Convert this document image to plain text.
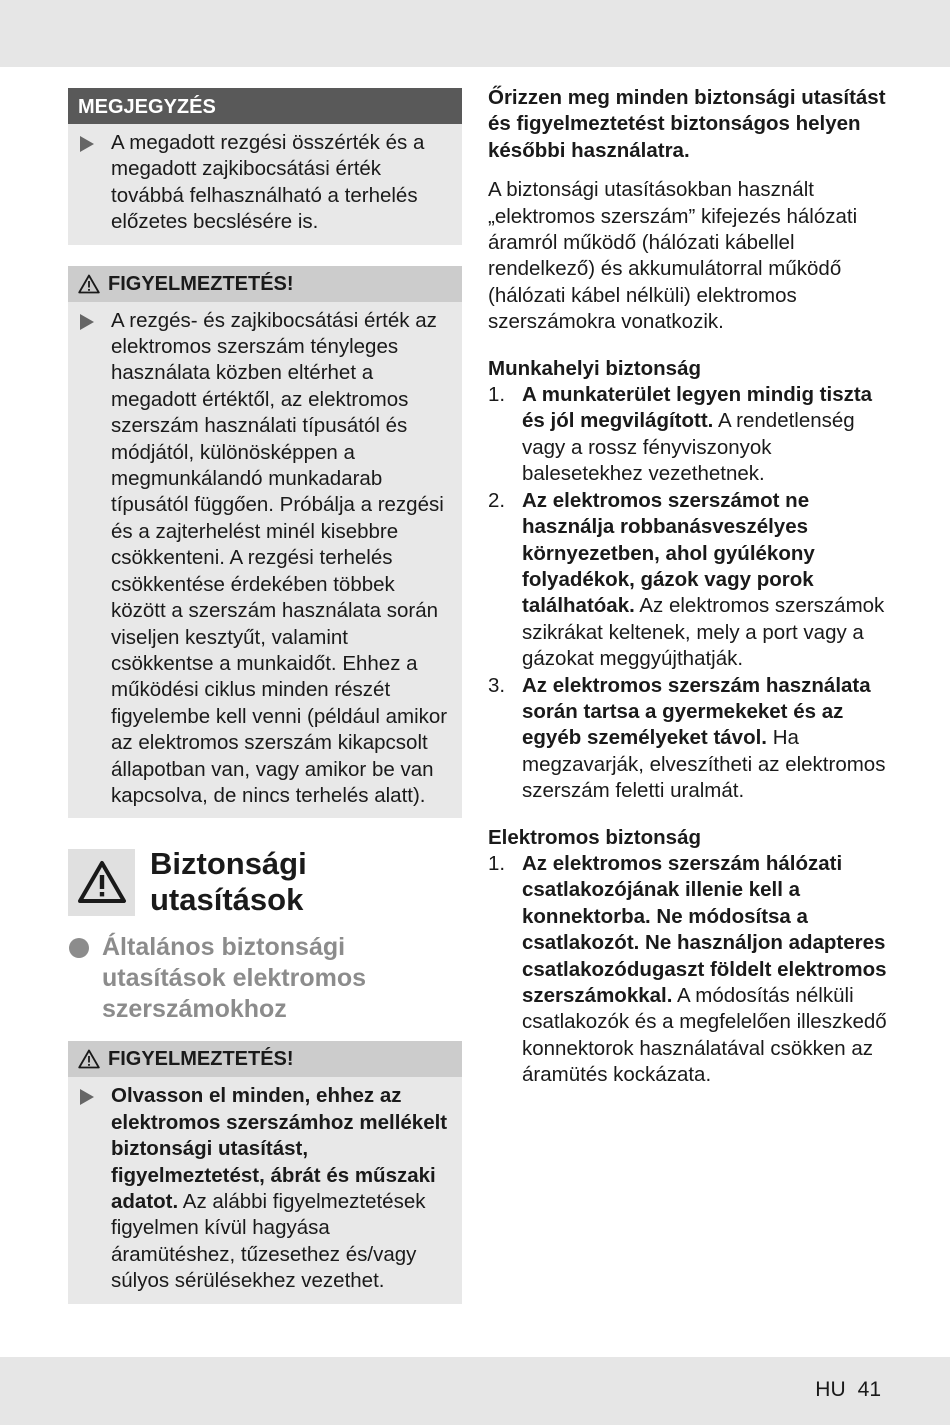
MEGJEGYZÉS
A megadott rezgési összérték és a megadott zajkibocsátási érték továbbá felhasználható a terhelés előzetes becslésére is.
FIGYELMEZTETÉS!
A rezgés- és zajkibocsátási érték az elektromos szerszám tényleges használata közben eltérhet a megadott értéktől, az elektromos szerszám használati típusától és módjától, különösképpen a megmunkálandó munkadarab típusától függően. Próbálja a rezgési és a zajterhelést minél kisebbre csökkenteni. A rezgési terhelés csökkentése érdekében többek között a szerszám használata során viseljen kesztyűt, valamint csökkentse a munkaidőt. Ehhez a működési ciklus minden részét figyelembe kell venni (például amikor az elektromos szerszám kikapcsolt állapotban van, vagy amikor be van kapcsolva, de nincs terhelés alatt).
Biztonsági
utasítások
Általános biztonsági utasítások elektromos szerszámokhoz
FIGYELMEZTETÉS!
Olvasson el minden, ehhez az elektromos szerszámhoz mellékelt biztonsági utasítást, figyelmeztetést, ábrát és műszaki adatot. Az alábbi figyelmeztetések figyelmen kívül hagyása áramütéshez, tűzesethez és/vagy súlyos sérülésekhez vezethet.

Őrizzen meg minden biztonsági utasítást és figyelmeztetést biztonságos helyen későbbi használatra.

A biztonsági utasításokban használt „elektromos szerszám” kifejezés hálózati áramról működő (hálózati kábellel rendelkező) és akkumulátorral működő (hálózati kábel nélküli) elektromos szerszámokra vonatkozik.

Munkahelyi biztonság

1. A munkaterület legyen mindig tiszta és jól megvilágított. A rendetlenség vagy a rossz fényviszonyok balesetekhez vezethetnek.
2. Az elektromos szerszámot ne használja robbanásveszélyes környezetben, ahol gyúlékony folyadékok, gázok vagy porok találhatóak. Az elektromos szerszámok szikrákat keltenek, mely a port vagy a gázokat meggyújthatják.
3. Az elektromos szerszám használata során tartsa a gyermekeket és az egyéb személyeket távol. Ha megzavarják, elveszítheti az elektromos szerszám feletti uralmát.

Elektromos biztonság

1. Az elektromos szerszám hálózati csatlakozójának illenie kell a konnektorba. Ne módosítsa a csatlakozót. Ne használjon adapteres csatlakozódugaszt földelt elektromos szerszámokkal. A módosítás nélküli csatlakozók és a megfelelően illeszkedő konnektorok használatával csökken az áramütés kockázata.
HU 41
